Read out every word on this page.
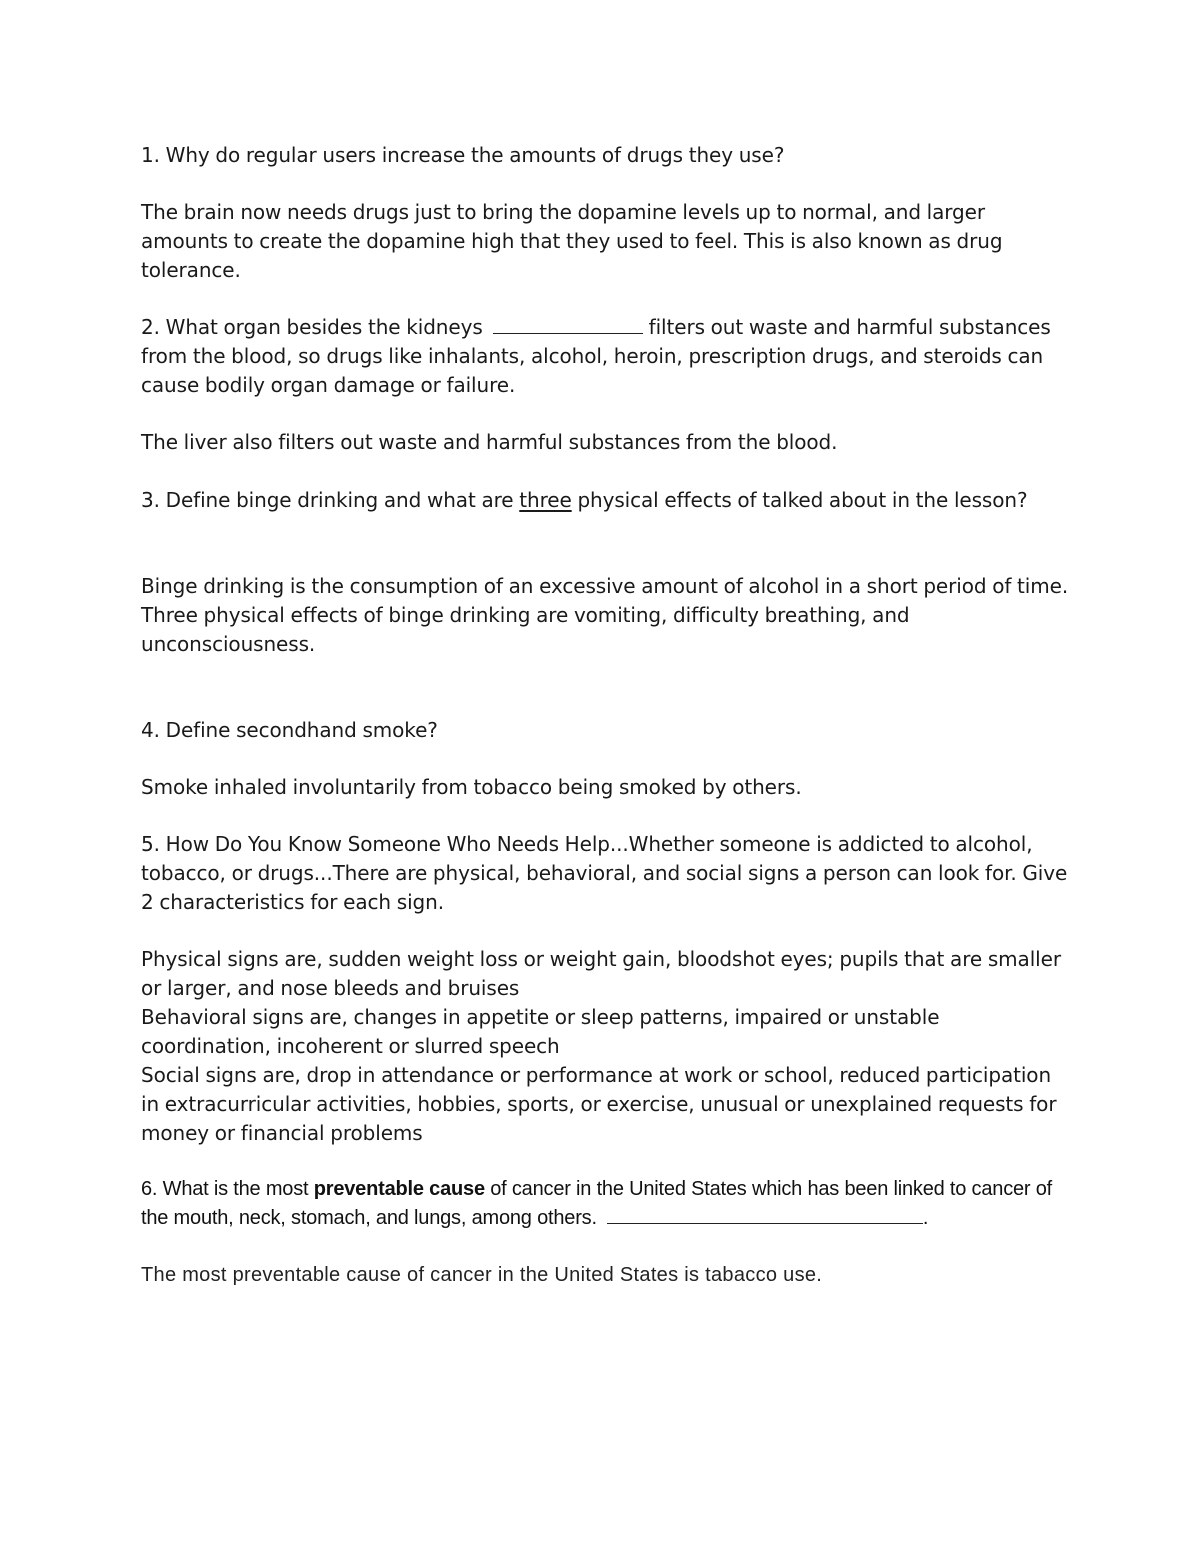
1. Why do regular users increase the amounts of drugs they use?

The brain now needs drugs just to bring the dopamine levels up to normal, and larger amounts to create the dopamine high that they used to feel. This is also known as drug tolerance.

2. What organ besides the kidneys	filters out waste and harmful substances from the blood, so drugs like inhalants, alcohol, heroin, prescription drugs, and steroids can cause bodily organ damage or failure.

The liver also filters out waste and harmful substances from the blood.

3. Define binge drinking and what are three physical effects of talked about in the lesson?

Binge drinking is the consumption of an excessive amount of alcohol in a short period of time. Three physical effects of binge drinking are vomiting, difficulty breathing, and unconsciousness.

4. Define secondhand smoke?

Smoke inhaled involuntarily from tobacco being smoked by others.

5. How Do You Know Someone Who Needs Help...Whether someone is addicted to alcohol, tobacco, or drugs...There are physical, behavioral, and social signs a person can look for. Give 2 characteristics for each sign.

Physical signs are, sudden weight loss or weight gain, bloodshot eyes; pupils that are smaller or larger, and nose bleeds and bruises
Behavioral signs are, changes in appetite or sleep patterns, impaired or unstable coordination, incoherent or slurred speech
Social signs are, drop in attendance or performance at work or school, reduced participation in extracurricular activities, hobbies, sports, or exercise, unusual or unexplained requests for money or financial problems

6. What is the most preventable cause of cancer in the United States which has been linked to cancer of the mouth, neck, stomach, and lungs, among others.	.

The most preventable cause of cancer in the United States is tabacco use.
